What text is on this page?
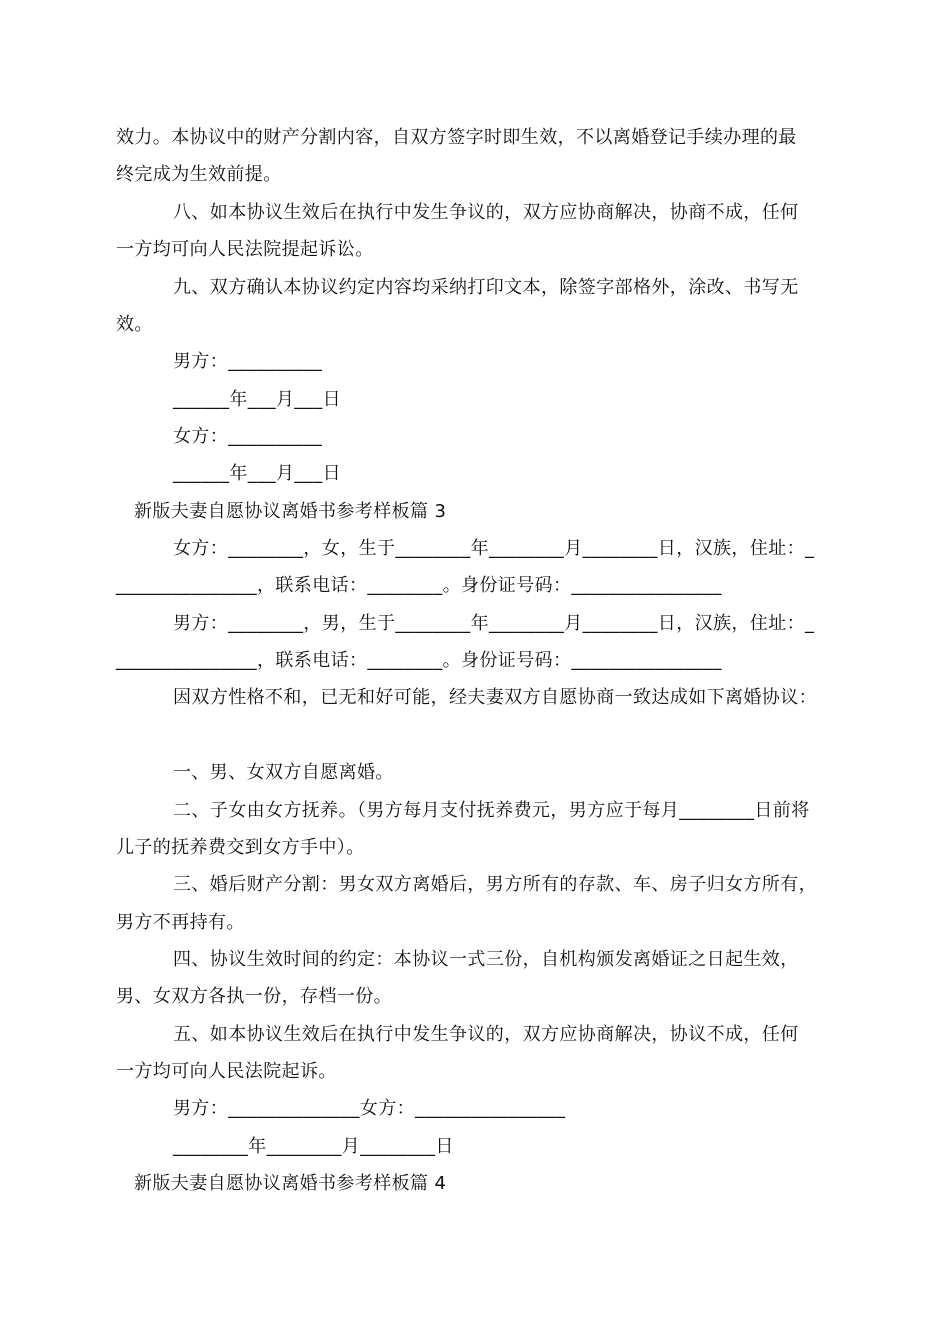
效力。本协议中的财产分割内容，自双方签字时即生效，不以离婚登记手续办理的最
终完成为生效前提。
八、如本协议生效后在执行中发生争议的，双方应协商解决，协商不成，任何
一方均可向人民法院提起诉讼。
九、双方确认本协议约定内容均采纳打印文本，除签字部格外，涂改、书写无
效。
男方：__________
______年___月___日
女方：__________
______年___月___日
新版夫妻自愿协议离婚书参考样板篇 3
女方：________，女，生于________年________月________日，汉族，住址：_
_______________，联系电话：________。身份证号码：________________
男方：________，男，生于________年________月________日，汉族，住址：_
_______________，联系电话：________。身份证号码：________________
因双方性格不和，已无和好可能，经夫妻双方自愿协商一致达成如下离婚协议：
一、男、女双方自愿离婚。
二、子女由女方抚养。（男方每月支付抚养费元，男方应于每月________日前将
儿子的抚养费交到女方手中）。
三、婚后财产分割：男女双方离婚后，男方所有的存款、车、房子归女方所有，
男方不再持有。
四、协议生效时间的约定：本协议一式三份，自机构颁发离婚证之日起生效，
男、女双方各执一份，存档一份。
五、如本协议生效后在执行中发生争议的，双方应协商解决，协议不成，任何
一方均可向人民法院起诉。
男方：______________女方：________________
________年________月________日
新版夫妻自愿协议离婚书参考样板篇 4
